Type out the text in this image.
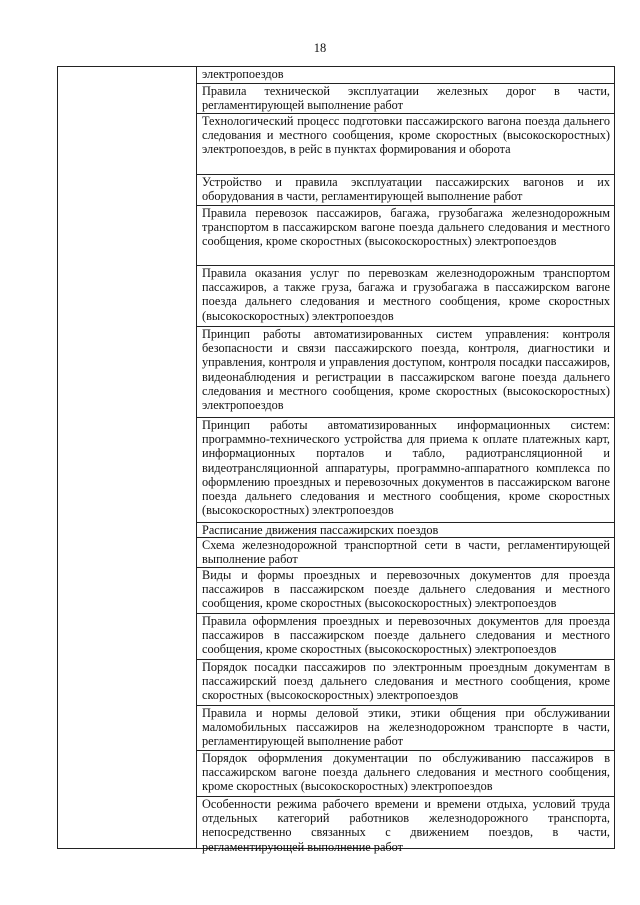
18
электропоездов
Правила технической эксплуатации железных дорог в части, регламентирующей выполнение работ
Технологический процесс подготовки пассажирского вагона поезда дальнего следования и местного сообщения, кроме скоростных (высокоскоростных) электропоездов, в рейс в пунктах формирования и оборота
Устройство и правила эксплуатации пассажирских вагонов и их оборудования в части, регламентирующей выполнение работ
Правила перевозок пассажиров, багажа, грузобагажа железнодорожным транспортом в пассажирском вагоне поезда дальнего следования и местного сообщения, кроме скоростных (высокоскоростных) электропоездов
Правила оказания услуг по перевозкам железнодорожным транспортом пассажиров, а также груза, багажа и грузобагажа в пассажирском вагоне поезда дальнего следования и местного сообщения, кроме скоростных (высокоскоростных) электропоездов
Принцип работы автоматизированных систем управления: контроля безопасности и связи пассажирского поезда, контроля, диагностики и управления, контроля и управления доступом, контроля посадки пассажиров, видеонаблюдения и регистрации в пассажирском вагоне поезда дальнего следования и местного сообщения, кроме скоростных (высокоскоростных) электропоездов
Принцип работы автоматизированных информационных систем: программно-технического устройства для приема к оплате платежных карт, информационных порталов и табло, радиотрансляционной и видеотрансляционной аппаратуры, программно-аппаратного комплекса по оформлению проездных и перевозочных документов в пассажирском вагоне поезда дальнего следования и местного сообщения, кроме скоростных (высокоскоростных) электропоездов
Расписание движения пассажирских поездов
Схема железнодорожной транспортной сети в части, регламентирующей выполнение работ
Виды и формы проездных и перевозочных документов для проезда пассажиров в пассажирском поезде дальнего следования и местного сообщения, кроме скоростных (высокоскоростных) электропоездов
Правила оформления проездных и перевозочных документов для проезда пассажиров в пассажирском поезде дальнего следования и местного сообщения, кроме скоростных (высокоскоростных) электропоездов
Порядок посадки пассажиров по электронным проездным документам в пассажирский поезд дальнего следования и местного сообщения, кроме скоростных (высокоскоростных) электропоездов
Правила и нормы деловой этики, этики общения при обслуживании маломобильных пассажиров на железнодорожном транспорте в части, регламентирующей выполнение работ
Порядок оформления документации по обслуживанию пассажиров в пассажирском вагоне поезда дальнего следования и местного сообщения, кроме скоростных (высокоскоростных) электропоездов
Особенности режима рабочего времени и времени отдыха, условий труда отдельных категорий работников железнодорожного транспорта, непосредственно связанных с движением поездов, в части, регламентирующей выполнение работ
